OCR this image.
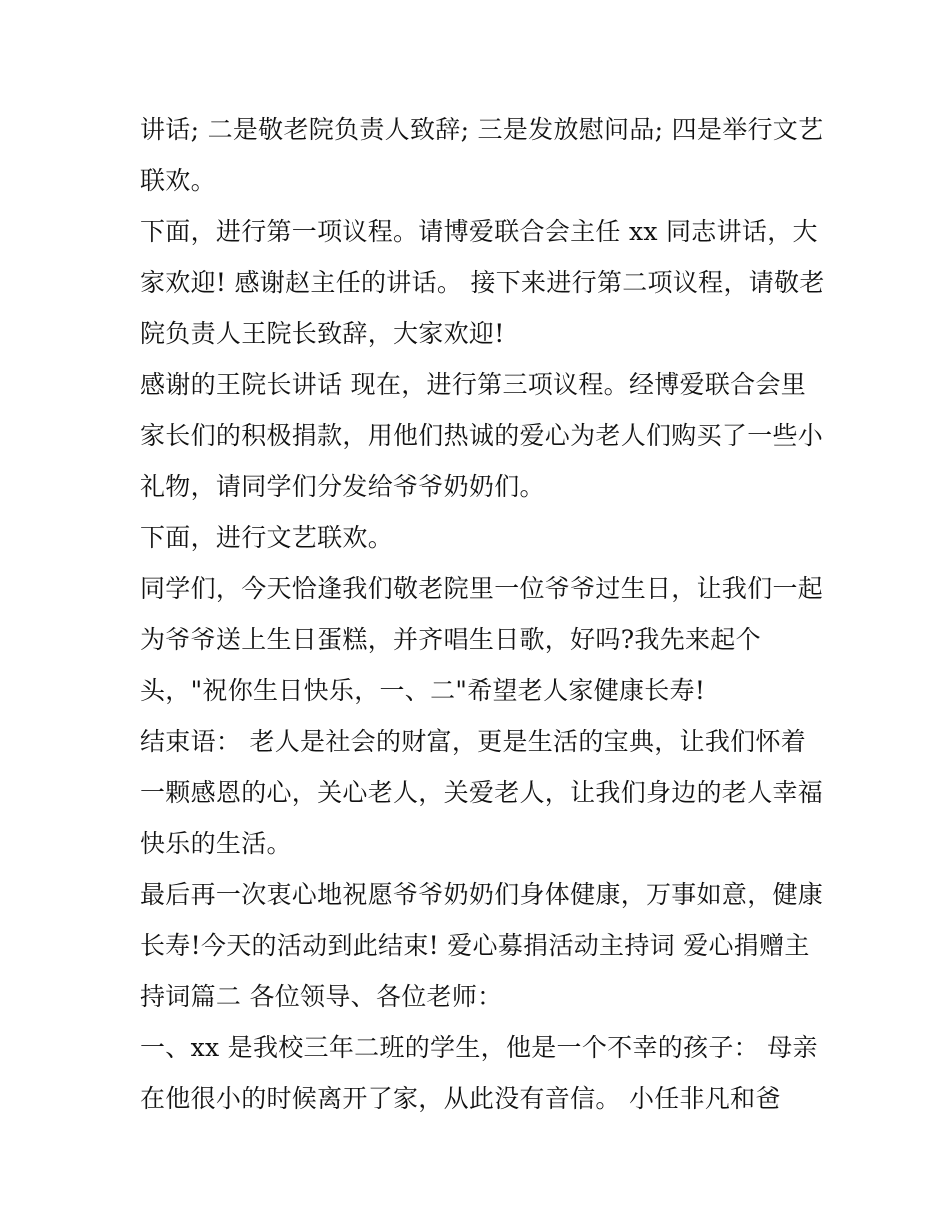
讲话; 二是敬老院负责人致辞; 三是发放慰问品; 四是举行文艺
联欢。
下面，进行第一项议程。请博爱联合会主任 xx 同志讲话，大
家欢迎! 感谢赵主任的讲话。 接下来进行第二项议程，请敬老
院负责人王院长致辞，大家欢迎!
感谢的王院长讲话 现在，进行第三项议程。经博爱联合会里
家长们的积极捐款，用他们热诚的爱心为老人们购买了一些小
礼物，请同学们分发给爷爷奶奶们。
下面，进行文艺联欢。
同学们，今天恰逢我们敬老院里一位爷爷过生日，让我们一起
为爷爷送上生日蛋糕，并齐唱生日歌，好吗?我先来起个
头，"祝你生日快乐，一、二"希望老人家健康长寿!
结束语： 老人是社会的财富，更是生活的宝典，让我们怀着
一颗感恩的心，关心老人，关爱老人，让我们身边的老人幸福
快乐的生活。
最后再一次衷心地祝愿爷爷奶奶们身体健康，万事如意，健康
长寿!今天的活动到此结束! 爱心募捐活动主持词 爱心捐赠主
持词篇二 各位领导、各位老师：
一、xx 是我校三年二班的学生，他是一个不幸的孩子： 母亲
在他很小的时候离开了家，从此没有音信。 小任非凡和爸
